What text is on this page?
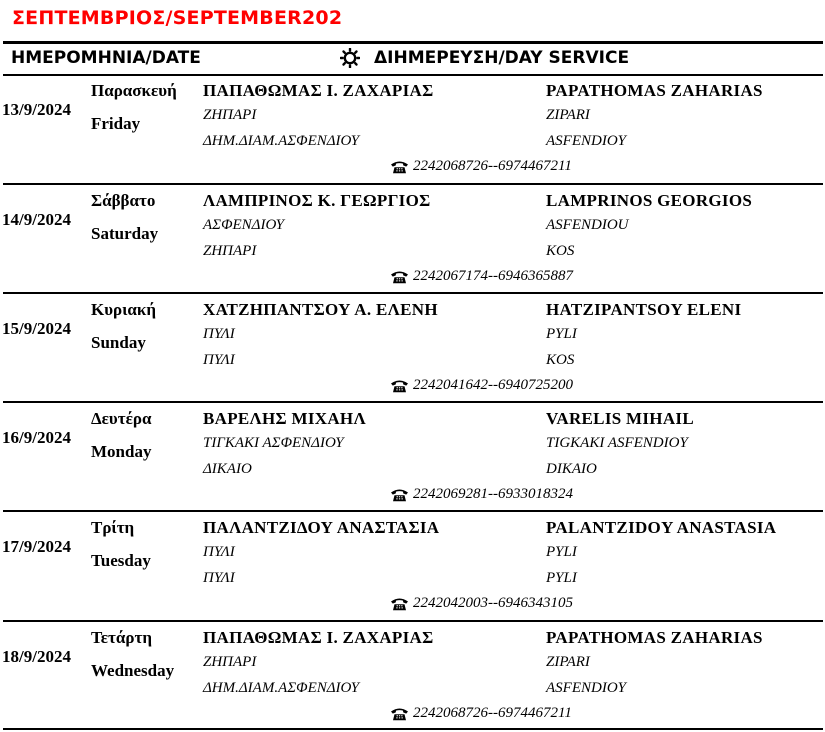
ΣΕΠΤΕΜΒΡΙΟΣ/SEPTEMBER202
ΗΜΕΡΟΜΗΝΙΑ/DATE	ΔΙΗΜΕΡΕΥΣΗ/DAY SERVICE
13/9/2024
Παρασκευή
Friday
ΠΑΠΑΘΩΜΑΣ Ι. ΖΑΧΑΡΙΑΣ	PAPATHOMAS ZAHARIAS
ΖΗΠΑΡΙ	ZIPARI
ΔΗΜ.ΔΙΑΜ.ΑΣΦΕΝΔΙΟΥ	ASFENDIOY
2242068726--6974467211
14/9/2024
Σάββατο
Saturday
ΛΑΜΠΡΙΝΟΣ Κ. ΓΕΩΡΓΙΟΣ	LAMPRINOS GEORGIOS
ΑΣΦΕΝΔΙΟΥ	ASFENDIOU
ΖΗΠΑΡΙ	KOS
2242067174--6946365887
15/9/2024
Κυριακή
Sunday
ΧΑΤΖΗΠΑΝΤΣΟΥ Α. ΕΛΕΝΗ	HATZIPANTSOY ELENI
ΠΥΛΙ	PYLI
ΠΥΛΙ	KOS
2242041642--6940725200
16/9/2024
Δευτέρα
Monday
ΒΑΡΕΛΗΣ ΜΙΧΑΗΛ	VARELIS MIHAIL
ΤΙΓΚΑΚΙ ΑΣΦΕΝΔΙΟΥ	TIGKAKI ASFENDIOY
ΔΙΚΑΙΟ	DIKAIO
2242069281--6933018324
17/9/2024
Τρίτη
Tuesday
ΠΑΛΑΝΤΖΙΔΟΥ ΑΝΑΣΤΑΣΙΑ	PALANTZIDOY ANASTASIA
ΠΥΛΙ	PYLI
ΠΥΛΙ	PYLI
2242042003--6946343105
18/9/2024
Τετάρτη
Wednesday
ΠΑΠΑΘΩΜΑΣ Ι. ΖΑΧΑΡΙΑΣ	PAPATHOMAS ZAHARIAS
ΖΗΠΑΡΙ	ZIPARI
ΔΗΜ.ΔΙΑΜ.ΑΣΦΕΝΔΙΟΥ	ASFENDIOY
2242068726--6974467211
